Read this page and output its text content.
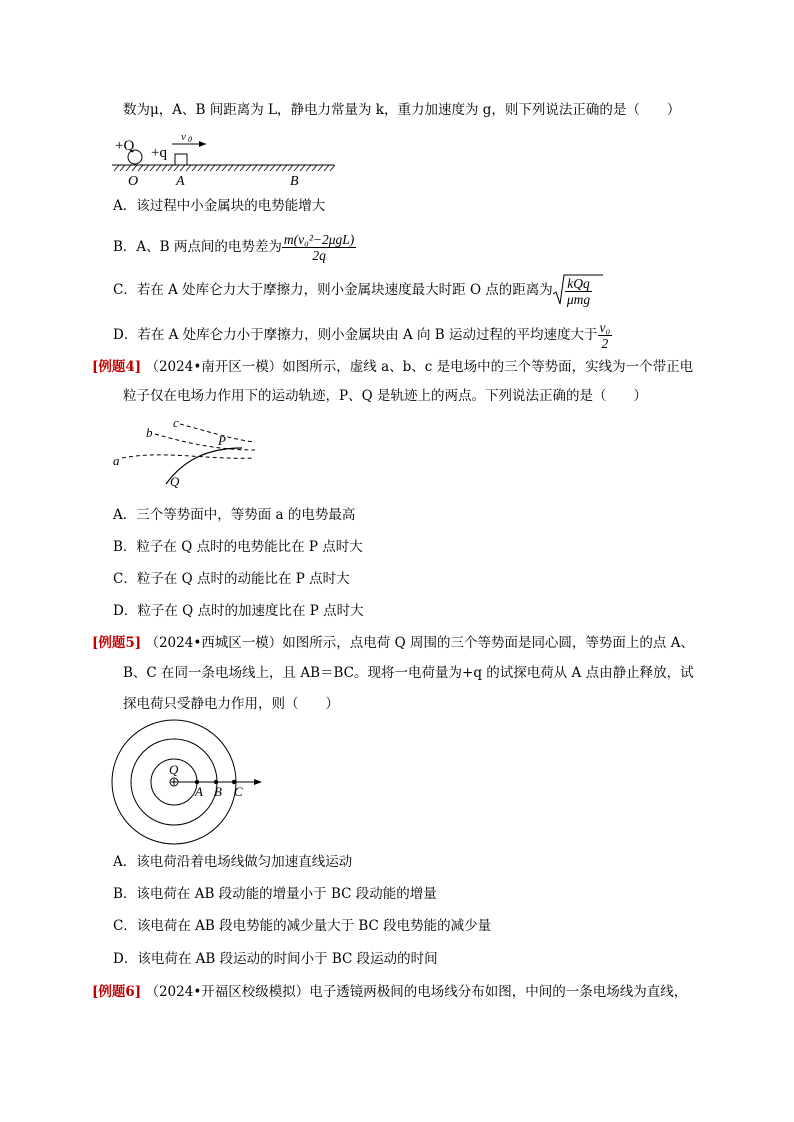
数为μ，A、B 间距离为 L，静电力常量为 k，重力加速度为 g，则下列说法正确的是（　　）
+Q +q
v 0
O	A	B
A．该过程中小金属块的电势能增大
B．A、B 两点间的电势差为 $\frac{\text{m(v₀²−2μgL)}}{2q}$
C．若在 A 处库仑力大于摩擦力，则小金属块速度最大时距 O 点的距离为 $\frac{\text{kQq}}{\text{μmg}}$
D．若在 A 处库仑力小于摩擦力，则小金属块由 A 向 B 运动过程的平均速度大于 $\frac{\text{v₀}}{2}$
[例题4] （2024•南开区一模）如图所示，虚线 a、b、c 是电场中的三个等势面，实线为一个带正电
粒子仅在电场力作用下的运动轨迹，P、Q 是轨迹上的两点。下列说法正确的是（　　）
a
b
c
P
Q
A．三个等势面中，等势面 a 的电势最高
B．粒子在 Q 点时的电势能比在 P 点时大
C．粒子在 Q 点时的动能比在 P 点时大
D．粒子在 Q 点时的加速度比在 P 点时大
[例题5] （2024•西城区一模）如图所示，点电荷 Q 周围的三个等势面是同心圆，等势面上的点 A、
B、C 在同一条电场线上，且 AB＝BC。现将一电荷量为+q 的试探电荷从 A 点由静止释放，试
探电荷只受静电力作用，则（　　）
Q
A B C
A．该电荷沿着电场线做匀加速直线运动
B．该电荷在 AB 段动能的增量小于 BC 段动能的增量
C．该电荷在 AB 段电势能的减少量大于 BC 段电势能的减少量
D．该电荷在 AB 段运动的时间小于 BC 段运动的时间
[例题6] （2024•开福区校级模拟）电子透镜两极间的电场线分布如图，中间的一条电场线为直线，
